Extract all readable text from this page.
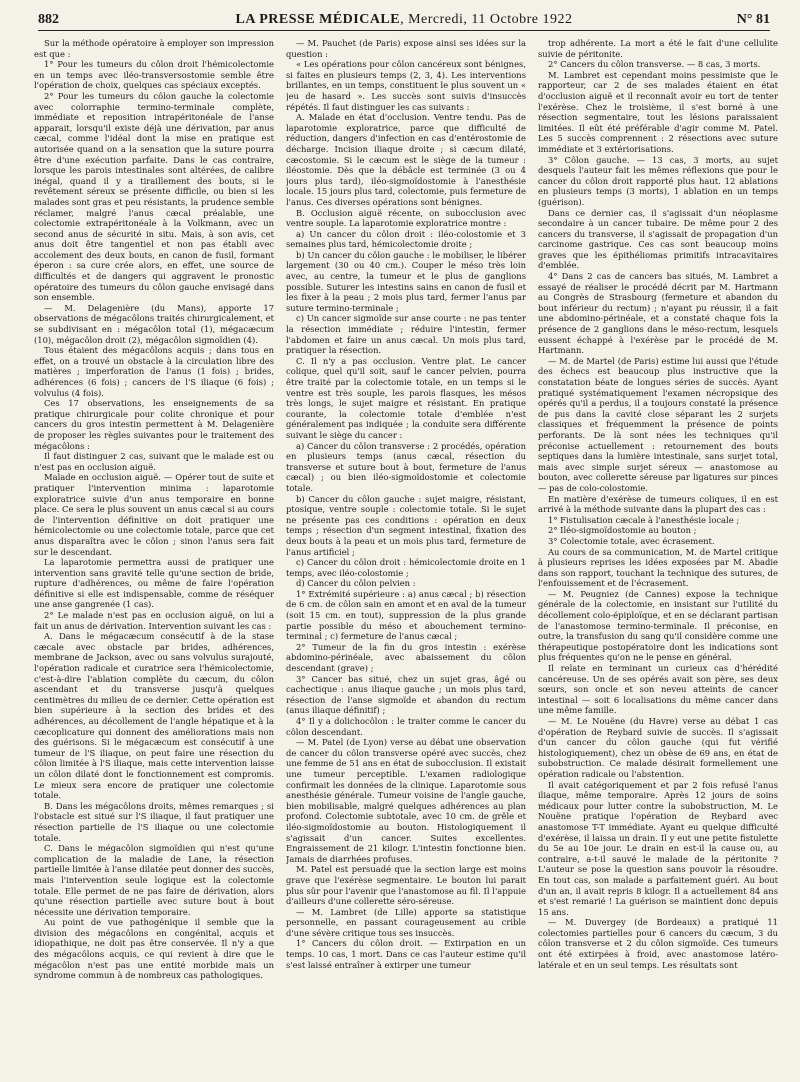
882	LA PRESSE MÉDICALE, Mercredi, 11 Octobre 1922	N° 81

Sur la méthode opératoire à employer son impression est que :

1° Pour les tumeurs du côlon droit l'hémicolectomie en un temps avec iléo-transversostomie semble être l'opération de choix, quelques cas spéciaux exceptés.

2° Pour les tumeurs du côlon gauche la colectomie avec colorraphie termino-terminale complète, immédiate et reposition intrapéritonéale de l'anse apparait, lorsqu'il existe déjà une dérivation, par anus cæcal, comme l'idéal dont la mise en pratique est autorisée quand on a la sensation que la suture pourra être d'une exécution parfaite. Dans le cas contraire, lorsque les parois intestinales sont altérées, de calibre inégal, quand il y a tiraillement des bouts, si le revêtement séreux se présente difficile, ou bien si les malades sont gras et peu résistants, la prudence semble réclamer, malgré l'anus cæcal préalable, une colectomie extrapéritonéale à la Volkmann, avec un second anus de sécurité in situ. Mais, à son avis, cet anus doit être tangentiel et non pas établi avec accolement des deux bouts, en canon de fusil, formant éperon : sa cure crée alors, en effet, une source de difficultés et de dangers qui aggravent le pronostic opératoire des tumeurs du côlon gauche envisagé dans son ensemble.

— M. Delagenière (du Mans), apporte 17 observations de mégacôlons traités chirurgicalement, et se subdivisant en : mégacôlon total (1), mégacæcum (10), mégacôlon droit (2), mégacôlon sigmoïdien (4).

Tous étaient des mégacôlons acquis ; dans tous en effet, on a trouvé un obstacle à la circulation libre des matières ; imperforation de l'anus (1 fois) ; brides, adhérences (6 fois) ; cancers de l'S iliaque (6 fois) ; volvulus (4 fois).

Ces 17 observations, les enseignements de sa pratique chirurgicale pour colite chronique et pour cancers du gros intestin permettent à M. Delagenière de proposer les règles suivantes pour le traitement des mégacôlons :

Il faut distinguer 2 cas, suivant que le malade est ou n'est pas en occlusion aiguë.

Malade en occlusion aiguë. — Opérer tout de suite et pratiquer l'intervention minima : laparotomie exploratrice suivie d'un anus temporaire en bonne place. Ce sera le plus souvent un anus cæcal si au cours de l'intervention définitive on doit pratiquer une hémicolectomie ou une colectomie totale, parce que cet anus disparaîtra avec le côlon ; sinon l'anus sera fait sur le descendant.

La laparotomie permettra aussi de pratiquer une intervention sans gravité telle qu'une section de bride, rupture d'adhérences, ou même de faire l'opération définitive si elle est indispensable, comme de réséquer une anse gangrenée (1 cas).

2° Le malade n'est pas en occlusion aiguë, on lui a fait un anus de dérivation. Intervention suivant les cas :

A. Dans le mégacæcum consécutif à de la stase cæcale avec obstacle par brides, adhérences, membrane de Jackson, avec ou sans volvulus surajouté, l'opération radicale et curatrice sera l'hémicolectomie, c'est-à-dire l'ablation complète du cæcum, du côlon ascendant et du transverse jusqu'à quelques centimètres du milieu de ce dernier. Cette opération est bien supérieure à la section des brides et des adhérences, au décollement de l'angle hépatique et à la cæcoplicature qui donnent des améliorations mais non des guérisons. Si le mégacæcum est consécutif à une tumeur de l'S iliaque, on peut faire une résection du côlon limitée à l'S iliaque, mais cette intervention laisse un côlon dilaté dont le fonctionnement est compromis. Le mieux sera encore de pratiquer une colectomie totale.

B. Dans les mégacôlons droits, mêmes remarques ; si l'obstacle est situé sur l'S iliaque, il faut pratiquer une résection partielle de l'S iliaque ou une colectomie totale.

C. Dans le mégacôlon sigmoïdien qui n'est qu'une complication de la maladie de Lane, la résection partielle limitée à l'anse dilatée peut donner des succès, mais l'intervention seule logique est la colectomie totale. Elle permet de ne pas faire de dérivation, alors qu'une résection partielle avec suture bout à bout nécessite une dérivation temporaire.

Au point de vue pathogénique il semble que la division des mégacôlons en congénital, acquis et idiopathique, ne doit pas être conservée. Il n'y a que des mégacôlons acquis, ce qui revient à dire que le mégacôlon n'est pas une entité morbide mais un syndrome commun à de nombreux cas pathologiques.

— M. Pauchet (de Paris) expose ainsi ses idées sur la question :

« Les opérations pour côlon cancéreux sont bénignes, si faites en plusieurs temps (2, 3, 4). Les interventions brillantes, en un temps, constituent le plus souvent un « jeu de hasard ». Les succès sont suivis d'insuccès répétés. Il faut distinguer les cas suivants :

A. Malade en état d'occlusion. Ventre tendu. Pas de laparotomie exploratrice, parce que difficulté de réduction, dangers d'infection en cas d'entérostomie de décharge. Incision iliaque droite ; si cæcum dilaté, cæcostomie. Si le cæcum est le siège de la tumeur : iléostomie. Dès que la débâcle est terminée (3 ou 4 jours plus tard), iléo-sigmoïdostomie à l'anesthésie locale. 15 jours plus tard, colectomie, puis fermeture de l'anus. Ces diverses opérations sont bénignes.

B. Occlusion aiguë récente, on subocclusion avec ventre souple. La laparotomie exploratrice montre :

a) Un cancer du côlon droit : iléo-colostomie et 3 semaines plus tard, hémicolectomie droite ;

b) Un cancer du côlon gauche : le mobiliser, le libérer largement (30 ou 40 cm.). Couper le méso très loin avec, au centre, la tumeur et le plus de ganglions possible. Suturer les intestins sains en canon de fusil et les fixer à la peau ; 2 mois plus tard, fermer l'anus par suture termino-terminale ;

c) Un cancer sigmoïde sur anse courte : ne pas tenter la résection immédiate ; réduire l'intestin, fermer l'abdomen et faire un anus cæcal. Un mois plus tard, pratiquer la résection.

C. Il n'y a pas occlusion. Ventre plat. Le cancer colique, quel qu'il soit, sauf le cancer pelvien, pourra être traité par la colectomie totale, en un temps si le ventre est très souple, les parois flasques, les mésos très longs, le sujet maigre et résistant. En pratique courante, la colectomie totale d'emblée n'est généralement pas indiquée ; la conduite sera différente suivant le siège du cancer :

a) Cancer du côlon transverse : 2 procédés, opération en plusieurs temps (anus cæcal, résection du transverse et suture bout à bout, fermeture de l'anus cæcal) ; ou bien iléo-sigmoïdostomie et colectomie totale.

b) Cancer du côlon gauche : sujet maigre, résistant, ptosique, ventre souple : colectomie totale. Si le sujet ne présente pas ces conditions : opération en deux temps ; résection d'un segment intestinal, fixation des deux bouts à la peau et un mois plus tard, fermeture de l'anus artificiel ;

c) Cancer du côlon droit : hémicolectomie droite en 1 temps, avec iléo-colostomie ;

d) Cancer du côlon pelvien :

1° Extrémité supérieure : a) anus cæcal ; b) résection de 6 cm. de côlon sain en amont et en aval de la tumeur (soit 15 cm. en tout), suppression de la plus grande partie possible du méso et abouchement termino-terminal ; c) fermeture de l'anus cæcal ;

2° Tumeur de la fin du gros intestin : exérèse abdomino-périnéale, avec abaissement du côlon descendant (grave) ;

3° Cancer bas situé, chez un sujet gras, âgé ou cachectique : anus iliaque gauche ; un mois plus tard, résection de l'anse sigmoïde et abandon du rectum (anus iliaque définitif) ;

4° Il y a dolichocôlon : le traiter comme le cancer du côlon descendant.

— M. Patel (de Lyon) verse au débat une observation de cancer du côlon transverse opéré avec succès, chez une femme de 51 ans en état de subocclusion. Il existait une tumeur perceptible. L'examen radiologique confirmait les données de la clinique. Laparotomie sous anesthésie générale. Tumeur voisine de l'angle gauche, bien mobilisable, malgré quelques adhérences au plan profond. Colectomie subtotale, avec 10 cm. de grêle et iléo-sigmoïdostomie au bouton. Histologiquement il s'agissait d'un cancer. Suites excellentes. Engraissement de 21 kilogr. L'intestin fonctionne bien. Jamais de diarrhées profuses.

M. Patel est persuadé que la section large est moins grave que l'exérèse segmentaire. Le bouton lui parait plus sûr pour l'avenir que l'anastomose au fil. Il l'appuie d'ailleurs d'une collerette séro-séreuse.

— M. Lambret (de Lille) apporte sa statistique personnelle, en passant courageusement au crible d'une sévère critique tous ses insuccès.

1° Cancers du côlon droit. — Extirpation en un temps. 10 cas, 1 mort. Dans ce cas l'auteur estime qu'il s'est laissé entraîner à extirper une tumeur

trop adhérente. La mort a été le fait d'une cellulite suivie de péritonite.

2° Cancers du côlon transverse. — 8 cas, 3 morts.

M. Lambret est cependant moins pessimiste que le rapporteur, car 2 de ses malades étaient en état d'occlusion aiguë et il reconnaît avoir eu tort de tenter l'exérèse. Chez le troisième, il s'est borné à une résection segmentaire, tout les lésions paraissaient limitées. Il eût été préférable d'agir comme M. Patel. Les 5 succès comprennent : 2 résections avec suture immédiate et 3 extériorisations.

3° Côlon gauche. — 13 cas, 3 morts, au sujet desquels l'auteur fait les mêmes réflexions que pour le cancer du côlon droit rapporté plus haut. 12 ablations en plusieurs temps (3 morts), 1 ablation en un temps (guérison).

Dans ce dernier cas, il s'agissait d'un néoplasme secondaire à un cancer tubaire. De même pour 2 des cancers du transverse, il s'agissait de propagation d'un carcinome gastrique. Ces cas sont beaucoup moins graves que les épithéliomas primitifs intracavitaires d'emblée.

4° Dans 2 cas de cancers bas situés, M. Lambret a essayé de réaliser le procédé décrit par M. Hartmann au Congrès de Strasbourg (fermeture et abandon du bout inférieur du rectum) ; n'ayant pu réussir, il a fait une abdomino-périnéale, et a constaté chaque fois la présence de 2 ganglions dans le méso-rectum, lesquels eussent échappé à l'exérèse par le procédé de M. Hartmann.

— M. de Martel (de Paris) estime lui aussi que l'étude des échecs est beaucoup plus instructive que la constatation béate de longues séries de succès. Ayant pratiqué systématiquement l'examen nécropsique des opérés qu'il a perdus, il a toujours constaté la présence de pus dans la cavité close séparant les 2 surjets classiques et fréquemment la présence de points perforants. De là sont nées les techniques qu'il préconise actuellement : retournement des bouts septiques dans la lumière intestinale, sans surjet total, mais avec simple surjet séreux — anastomose au bouton, avec collerette séreuse par ligatures sur pinces — pas de colo-colostomie.

En matière d'exérèse de tumeurs coliques, il en est arrivé à la méthode suivante dans la plupart des cas :

1° Fistulisation cæcale à l'anesthésie locale ;

2° Iléo-sigmoïdostomie au bouton ;

3° Colectomie totale, avec écrasement.

Au cours de sa communication, M. de Martel critique à plusieurs reprises les idées exposées par M. Abadie dans son rapport, touchant la technique des sutures, de l'enfouissement et de l'écrasement.

— M. Peugniez (de Cannes) expose la technique générale de la colectomie, en insistant sur l'utilité du décollement colo-épiploïque, et en se déclarant partisan de l'anastomose termino-terminale. Il préconise, en outre, la transfusion du sang qu'il considère comme une thérapeutique postopératoire dont les indications sont plus fréquentes qu'on ne le pense en général.

Il relate en terminant un curieux cas d'hérédité cancéreuse. Un de ses opérés avait son père, ses deux sœurs, son oncle et son neveu atteints de cancer intestinal — soit 6 localisations du même cancer dans une même famille.

— M. Le Nouëne (du Havre) verse au débat 1 cas d'opération de Reybard suivie de succès. Il s'agissait d'un cancer du côlon gauche (qui fut vérifié histologiquement), chez un obèse de 69 ans, en état de subobstruction. Ce malade désirait formellement une opération radicale ou l'abstention.

Il avait catégoriquement et par 2 fois refusé l'anus iliaque, même temporaire. Après 12 jours de soins médicaux pour lutter contre la subobstruction, M. Le Nouëne pratique l'opération de Reybard avec anastomose T-T immédiate. Ayant eu quelque difficulté d'exérèse, il laissa un drain. Il y eut une petite fistulette du 5e au 10e jour. Le drain en est-il la cause ou, au contraire, a-t-il sauvé le malade de la péritonite ? L'auteur se pose la question sans pouvoir la résoudre. En tout cas, son malade a parfaitement guéri. Au bout d'un an, il avait repris 8 kilogr. Il a actuellement 84 ans et s'est remarié ! La guérison se maintient donc depuis 15 ans.

— M. Duvergey (de Bordeaux) a pratiqué 11 colectomies partielles pour 6 cancers du cæcum, 3 du côlon transverse et 2 du côlon sigmoïde. Ces tumeurs ont été extirpées à froid, avec anastomose latéro-latérale et en un seul temps. Les résultats sont
